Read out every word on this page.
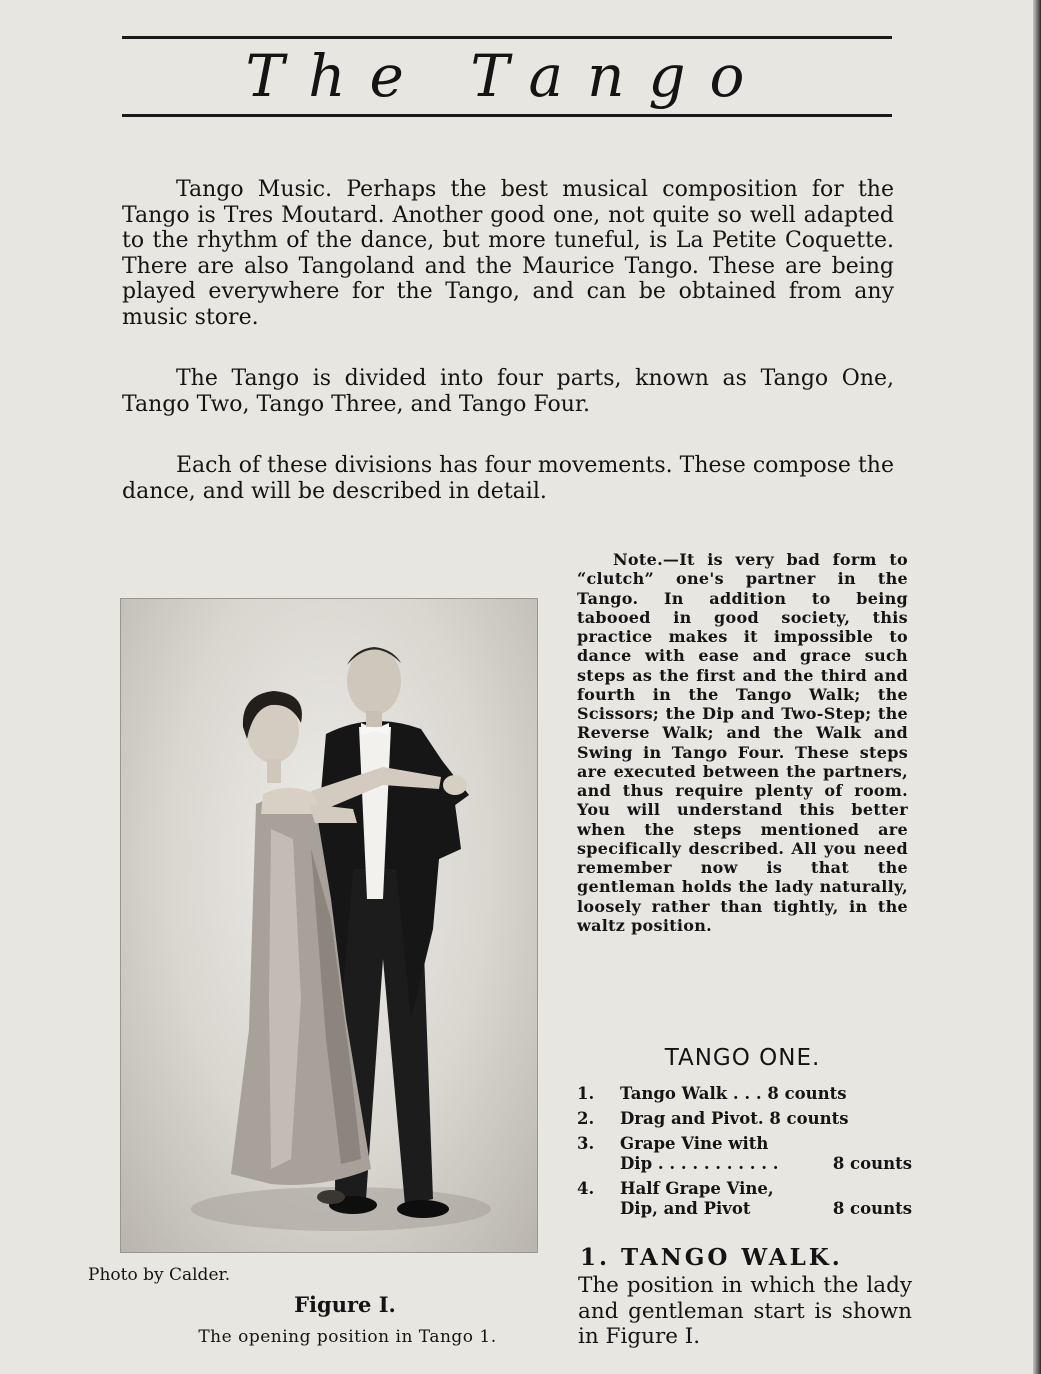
The Tango

Tango Music. Perhaps the best musical composition for the Tango is Tres Moutard. Another good one, not quite so well adapted to the rhythm of the dance, but more tuneful, is La Petite Coquette. There are also Tangoland and the Maurice Tango. These are being played everywhere for the Tango, and can be obtained from any music store.

The Tango is divided into four parts, known as Tango One, Tango Two, Tango Three, and Tango Four.

Each of these divisions has four movements. These compose the dance, and will be described in detail.

Photo by Calder.

Figure I.

The opening position in Tango 1.

Note.—It is very bad form to “clutch” one's partner in the Tango. In addition to being tabooed in good society, this practice makes it impossible to dance with ease and grace such steps as the first and the third and fourth in the Tango Walk; the Scissors; the Dip and Two-Step; the Reverse Walk; and the Walk and Swing in Tango Four. These steps are executed between the partners, and thus require plenty of room. You will understand this better when the steps mentioned are specifically described. All you need remember now is that the gentleman holds the lady naturally, loosely rather than tightly, in the waltz position.

TANGO ONE.
1. Tango Walk . . . 8 counts
2. Drag and Pivot. 8 counts
3. Grape Vine with
Dip . . . . . . . . . . .	8 counts
4. Half Grape Vine,
Dip, and Pivot	8 counts
1. TANGO WALK.

The position in which the lady and gentleman start is shown in Figure I.
